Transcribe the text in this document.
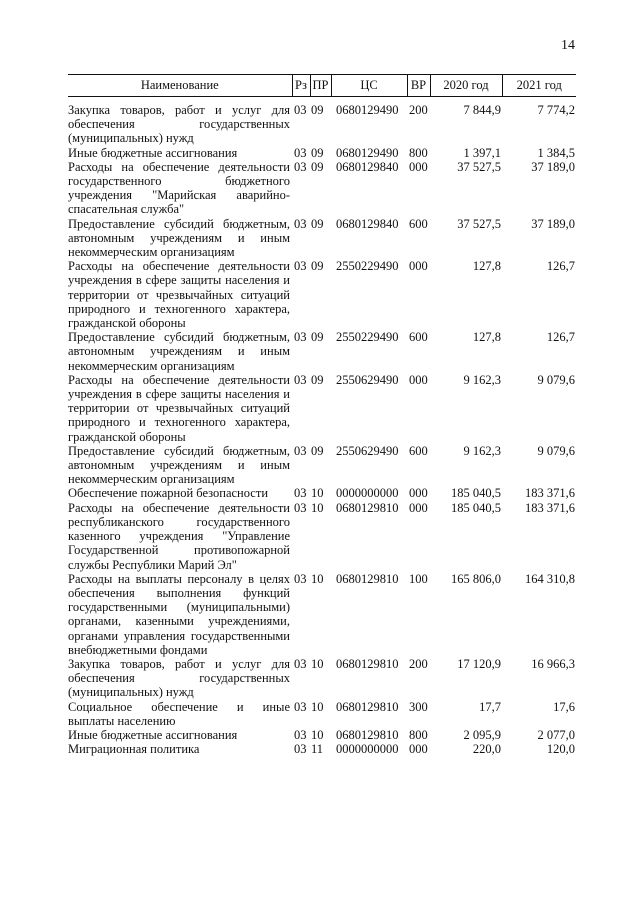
14
Наименование	Рз	ПР	ЦС	ВР	2020 год	2021 год
Закупка товаров, работ и услуг для обеспечения государственных (муниципальных) нужд	03	09	0680129490	200	7 844,9	7 774,2
Иные бюджетные ассигнования	03	09	0680129490	800	1 397,1	1 384,5
Расходы на обеспечение деятельности государственного бюджетного учреждения "Марийская аварийно-спасательная служба"	03	09	0680129840	000	37 527,5	37 189,0
Предоставление субсидий бюджетным, автономным учреждениям и иным некоммерческим организациям	03	09	0680129840	600	37 527,5	37 189,0
Расходы на обеспечение деятельности учреждения в сфере защиты населения и территории от чрезвычайных ситуаций природного и техногенного характера, гражданской обороны	03	09	2550229490	000	127,8	126,7
Предоставление субсидий бюджетным, автономным учреждениям и иным некоммерческим организациям	03	09	2550229490	600	127,8	126,7
Расходы на обеспечение деятельности учреждения в сфере защиты населения и территории от чрезвычайных ситуаций природного и техногенного характера, гражданской обороны	03	09	2550629490	000	9 162,3	9 079,6
Предоставление субсидий бюджетным, автономным учреждениям и иным некоммерческим организациям	03	09	2550629490	600	9 162,3	9 079,6
Обеспечение пожарной безопасности	03	10	0000000000	000	185 040,5	183 371,6
Расходы на обеспечение деятельности республиканского государственного казенного учреждения "Управление Государственной противопожарной службы Республики Марий Эл"	03	10	0680129810	000	185 040,5	183 371,6
Расходы на выплаты персоналу в целях обеспечения выполнения функций государственными (муниципальными) органами, казенными учреждениями, органами управления государственными внебюджетными фондами	03	10	0680129810	100	165 806,0	164 310,8
Закупка товаров, работ и услуг для обеспечения государственных (муниципальных) нужд	03	10	0680129810	200	17 120,9	16 966,3
Социальное обеспечение и иные выплаты населению	03	10	0680129810	300	17,7	17,6
Иные бюджетные ассигнования	03	10	0680129810	800	2 095,9	2 077,0
Миграционная политика	03	11	0000000000	000	220,0	120,0
